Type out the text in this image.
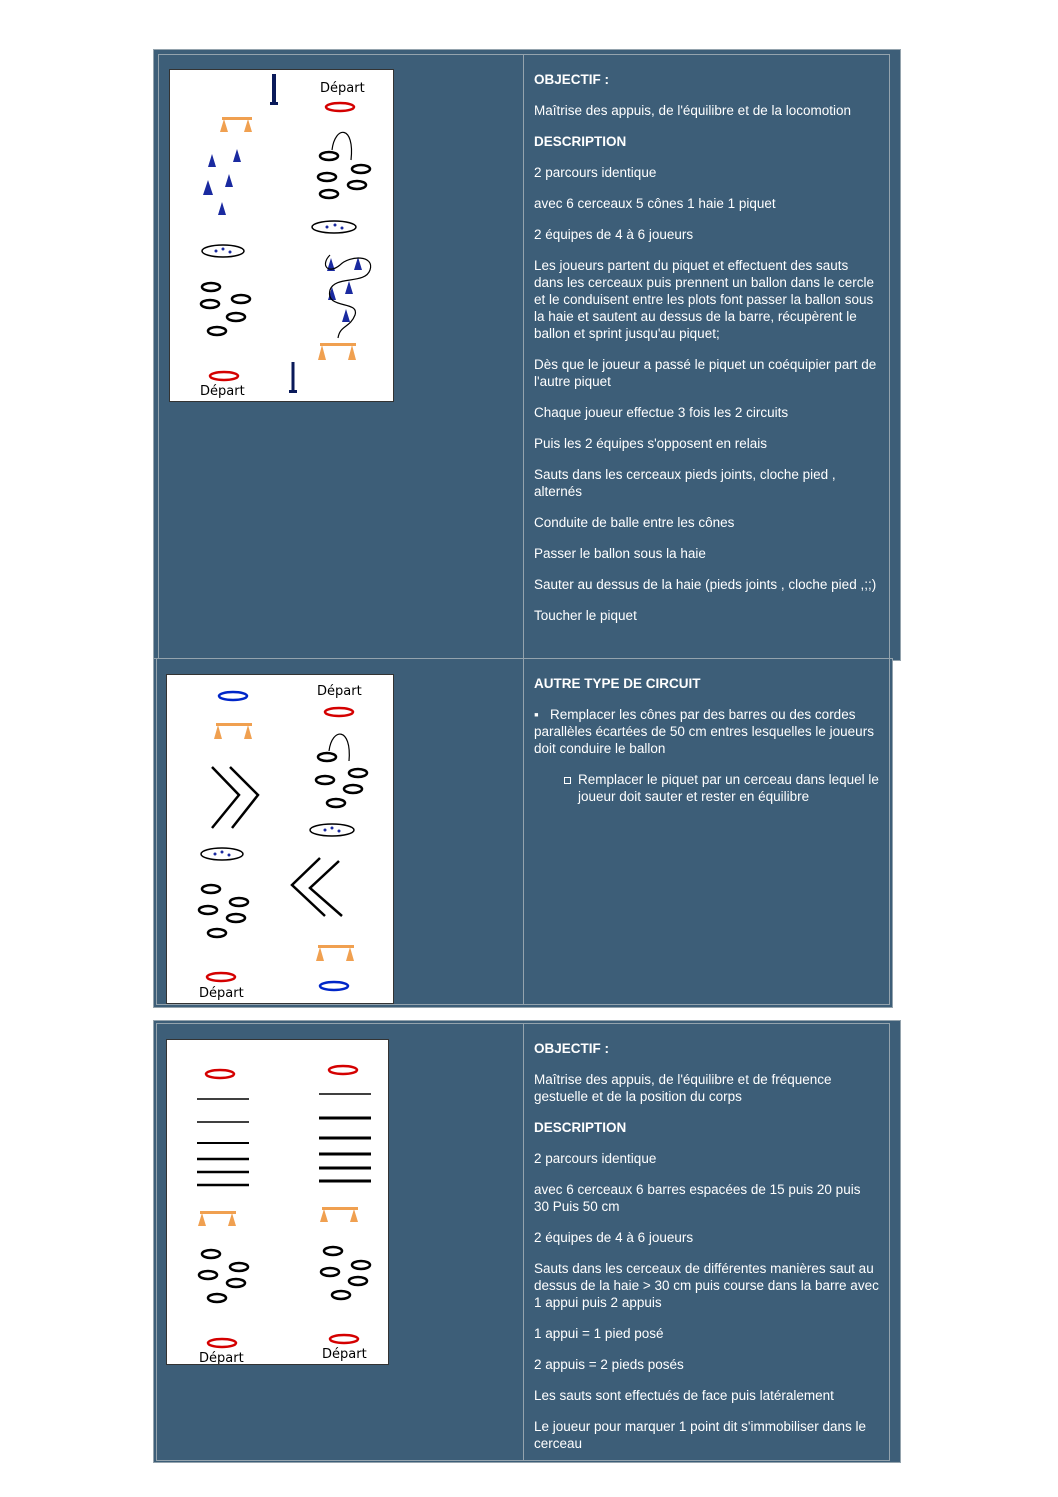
Départ
Départ
OBJECTIF :

Maîtrise des appuis, de l'équilibre et de la locomotion

DESCRIPTION

2 parcours identique

avec 6 cerceaux 5 cônes 1 haie 1 piquet

2 équipes de 4 à 6 joueurs

Les joueurs partent du piquet et effectuent des sauts dans les cerceaux puis prennent un ballon dans le cercle et le conduisent entre les plots font passer la ballon sous la haie et sautent au dessus de la barre, récupèrent le ballon et sprint jusqu'au piquet;

Dès que le joueur a passé le piquet un coéquipier part de l'autre piquet

Chaque joueur effectue 3 fois les 2 circuits

Puis les 2 équipes s'opposent en relais

Sauts dans les cerceaux pieds joints, cloche pied , alternés

Conduite de balle entre les cônes

Passer le ballon sous la haie

Sauter au dessus de la haie (pieds joints , cloche pied ,;;)

Toucher le piquet

Départ
Départ
AUTRE TYPE DE CIRCUIT
▪   Remplacer les cônes par des barres ou des cordes parallèles écartées de 50 cm entres lesquelles le joueurs doit conduire le ballon
Remplacer le piquet par un cerceau dans lequel le joueur doit sauter et rester en équilibre
Départ	Départ
OBJECTIF :

Maîtrise des appuis, de l'équilibre et de fréquence gestuelle et de la position du corps

DESCRIPTION

2 parcours identique

avec 6 cerceaux 6 barres espacées de 15 puis 20 puis 30 Puis 50 cm

2 équipes de 4 à 6 joueurs

Sauts dans les cerceaux de différentes manières saut au dessus de la haie > 30 cm puis course dans la barre avec 1 appui puis 2 appuis

1 appui = 1 pied posé

2 appuis = 2 pieds posés

Les sauts sont effectués de face puis latéralement

Le joueur pour marquer 1 point dit s'immobiliser dans le cerceau
